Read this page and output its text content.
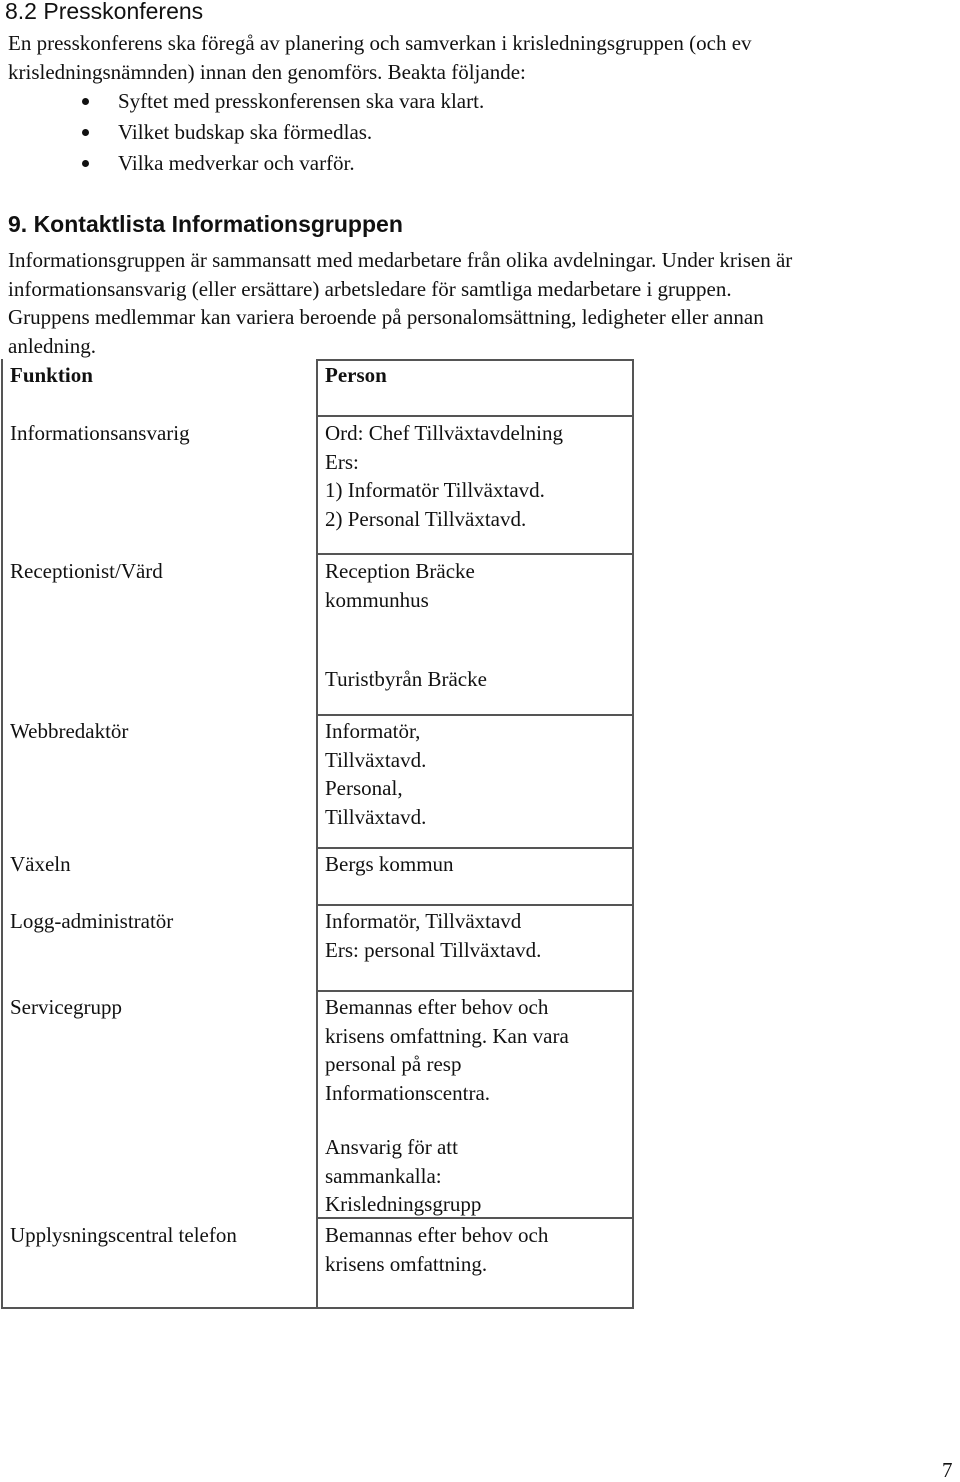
8.2 Presskonferens

En presskonferens ska föregå av planering och samverkan i krisledningsgruppen (och ev

krisledningsnämnden) innan den genomförs. Beakta följande:

Syftet med presskonferensen ska vara klart.
Vilket budskap ska förmedlas.
Vilka medverkar och varför.
9. Kontaktlista Informationsgruppen

Informationsgruppen är sammansatt med medarbetare från olika avdelningar. Under krisen är

informationsansvarig (eller ersättare) arbetsledare för samtliga medarbetare i gruppen.

Gruppens medlemmar kan variera beroende på personalomsättning, ledigheter eller annan

anledning.

Funktion	Person
Informationsansvarig	Ord: Chef Tillväxtavdelning
Ers:
1) Informatör Tillväxtavd.
2) Personal Tillväxtavd.
Receptionist/Värd	Reception Bräcke
kommunhus
Turistbyrån Bräcke
Webbredaktör	Informatör,
Tillväxtavd.
Personal,
Tillväxtavd.
Växeln	Bergs kommun
Logg-administratör	Informatör, Tillväxtavd
Ers: personal Tillväxtavd.
Servicegrupp	Bemannas efter behov och
krisens omfattning. Kan vara
personal på resp
Informationscentra.
Ansvarig för att
sammankalla:
Krisledningsgrupp
Upplysningscentral telefon	Bemannas efter behov och
krisens omfattning.
7
